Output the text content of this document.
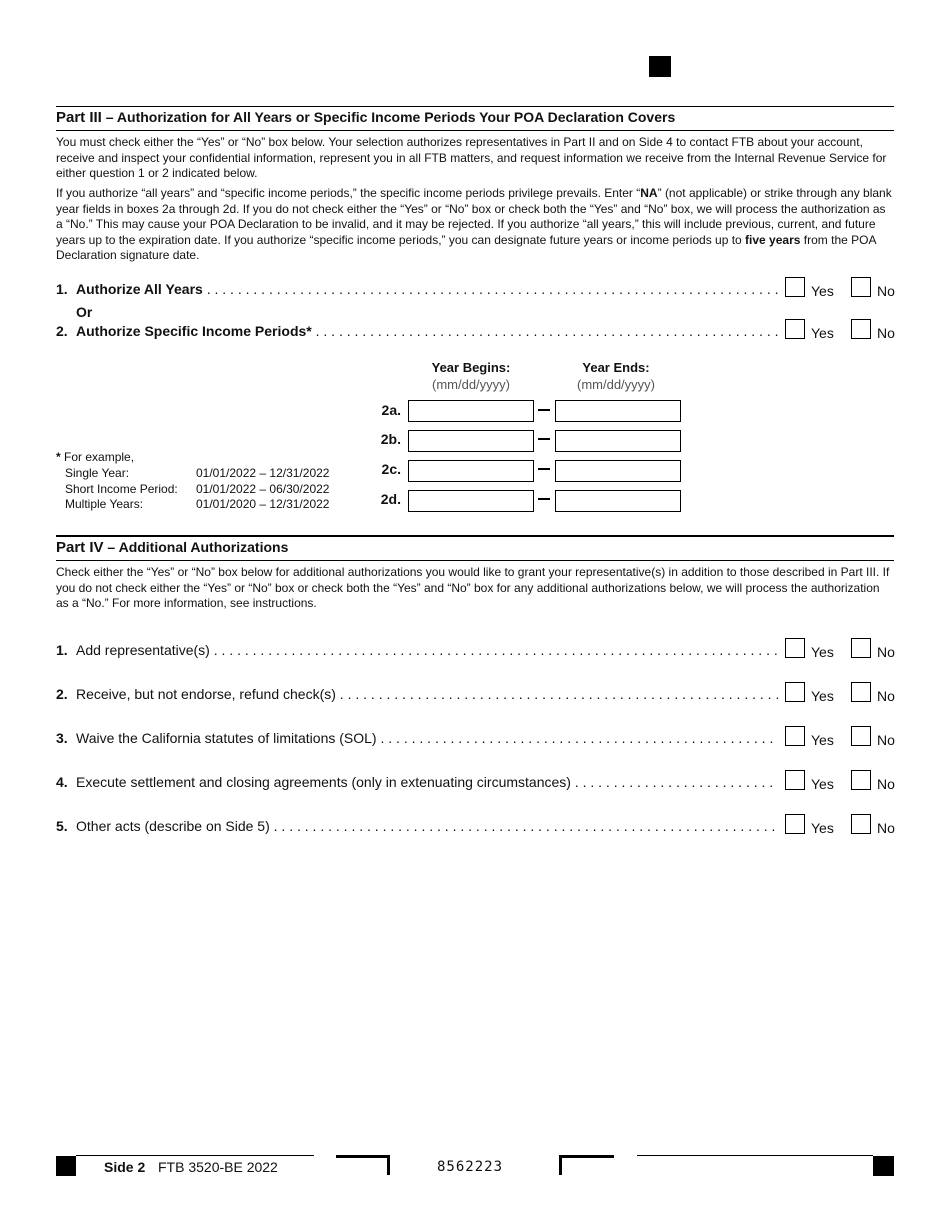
Part III – Authorization for All Years or Specific Income Periods Your POA Declaration Covers
You must check either the “Yes” or “No” box below. Your selection authorizes representatives in Part II and on Side 4 to contact FTB about your account, receive and inspect your confidential information, represent you in all FTB matters, and request information we receive from the Internal Revenue Service for either question 1 or 2 indicated below.
If you authorize “all years” and “specific income periods,” the specific income periods privilege prevails. Enter “NA” (not applicable) or strike through any blank year fields in boxes 2a through 2d. If you do not check either the “Yes” or “No” box or check both the “Yes” and “No” box, we will process the authorization as a “No.” This may cause your POA Declaration to be invalid, and it may be rejected. If you authorize “all years,” this will include previous, current, and future years up to the expiration date. If you authorize “specific income periods,” you can designate future years or income periods up to five years from the POA Declaration signature date.
1. Authorize All Years . . .	Yes	No
Or
2. Authorize Specific Income Periods* . . .	Yes	No
Year Begins:
(mm/dd/yyyy)
Year Ends:
(mm/dd/yyyy)
2a.
2b.
2c.
2d.
* For example,
Single Year:	01/01/2022 – 12/31/2022
Short Income Period: 01/01/2022 – 06/30/2022
Multiple Years:	01/01/2020 – 12/31/2022
Part IV – Additional Authorizations
Check either the “Yes” or “No” box below for additional authorizations you would like to grant your representative(s) in addition to those described in Part III. If you do not check either the “Yes” or “No” box or check both the “Yes” and “No” box for any additional authorizations below, we will process the authorization as a “No.” For more information, see instructions.
1. Add representative(s) . . .	Yes	No
2. Receive, but not endorse, refund check(s) . . .	Yes	No
3. Waive the California statutes of limitations (SOL) . . .	Yes	No
4. Execute settlement and closing agreements (only in extenuating circumstances) . . .	Yes	No
5. Other acts (describe on Side 5) . . .	Yes	No
Side 2 FTB 3520-BE 2022	8562223
